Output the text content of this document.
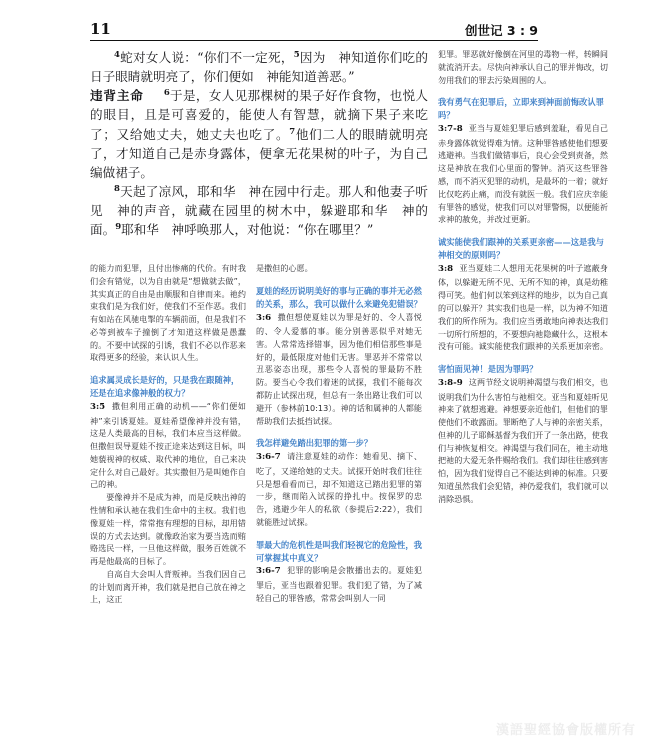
11	创世记 3 : 9

$^4$蛇对女人说：“你们不一定死，$^5$因为　神知道你们吃的日子眼睛就明亮了，你们便如　神能知道善恶。”

违背主命 $^6$于是，女人见那棵树的果子好作食物，也悦人的眼目，且是可喜爱的，能使人有智慧，就摘下果子来吃了；又给她丈夫，她丈夫也吃了。$^7$他们二人的眼睛就明亮了，才知道自己是赤身露体，便拿无花果树的叶子，为自己编做裙子。

$^8$天起了凉风，耶和华　神在园中行走。那人和他妻子听见　神的声音，就藏在园里的树木中，躲避耶和华　神的面。$^9$耶和华　神呼唤那人，对他说：“你在哪里？”

的能力而犯罪，且付出惨痛的代价。有时我们会有错觉，以为自由就是“想做就去做”，其实真正的自由是由顺服和自律而来。祂约束我们是为我们好，使我们不至作恶。我们有如站在风驰电掣的车辆前面，但是我们不必等到被车子撞倒了才知道这样做是愚蠢的。不要中试探的引诱，我们不必以作恶来取得更多的经验，来认识人生。

追求属灵成长是好的，只是我在跟随神，还是在追求像神般的权力？

3:5 撒但利用正确的动机——“你们便如神”来引诱夏娃。夏娃希望像神并没有错，这是人类最高的目标，我们本应当这样做。但撒但误导夏娃不按正途来达到这目标，叫她藐视神的权威、取代神的地位，自己来决定什么对自己最好。其实撒但乃是叫她作自己的神。

要像神并不是成为神，而是反映出神的性情和承认祂在我们生命中的主权。我们也像夏娃一样，常常抱有理想的目标，却用错误的方式去达到。就像政治家为要当选而贿赂选民一样，一旦他这样做，服务百姓就不再是他最高的目标了。

自高自大会叫人背叛神。当我们因自己的计划而离开神，我们就是把自己放在神之上，这正

是撒但的心愿。

夏娃的经历说明美好的事与正确的事并无必然的关系，那么，我可以做什么来避免犯错误？

3:6 撒但想使夏娃以为罪是好的、令人喜悦的、令人爱慕的事。能分别善恶似乎对她无害。人常常选择错事，因为他们相信那些事是好的，最低限度对他们无害。罪恶并不常常以丑恶姿态出现，那些令人喜悦的罪最防不胜防。要当心令我们着迷的试探，我们不能每次都防止试探出现，但总有一条出路让我们可以避开（参林前10:13）。神的话和属神的人都能帮助我们去抵挡试探。

我怎样避免踏出犯罪的第一步？

3:6-7 请注意夏娃的动作：她看见、摘下、吃了，又递给她的丈夫。试探开始时我们往往只是想看看而已，却不知道这已踏出犯罪的第一步，继而陷入试探的挣扎中。按保罗的忠告，逃避少年人的私欲（参提后2:22），我们就能胜过试探。

罪最大的危机性是叫我们轻视它的危险性，我可掌握其中真义？

3:6-7 犯罪的影响是会散播出去的。夏娃犯罪后，亚当也跟着犯罪。我们犯了错，为了减轻自己的罪咎感，常常会叫别人一同

犯罪。罪恶就好像倒在河里的毒物一样，转瞬间就流消开去。尽快向神承认自己的罪并悔改，切勿用我们的罪去污染周围的人。

我有勇气在犯罪后，立即来到神面前悔改认罪吗？

3:7-8 亚当与夏娃犯罪后感到羞耻，看见自己赤身露体就觉得难为情。这种罪咎感使他们想要逃避神。当我们做错事后，良心会受到责备，然这是神放在我们心里面的警钟。消灭这些罪咎感，而不消灭犯罪的动机，是最坏的一着；就好比仅吃药止痛，而没有就医一般。我们应庆幸能有罪咎的感觉，使我们可以对罪警惕，以便能祈求神的赦免，并改过更新。

诚实能使我们跟神的关系更亲密——这是我与神相交的原则吗？

3:8 亚当夏娃二人想用无花果树的叶子遮蔽身体，以躲避无所不见、无所不知的神，真是幼稚得可笑。他们何以笨到这样的地步，以为自己真的可以躲开？其实我们也是一样，以为神不知道我们的所作所为。我们应当勇敢地向神表达我们一切所行所想的，不要想向祂隐藏什么，这根本没有可能。诚实能使我们跟神的关系更加亲密。

害怕面见神！是因为罪吗？

3:8-9 这两节经文说明神渴望与我们相交，也说明我们为什么害怕与祂相交。亚当和夏娃听见神来了就想逃避。神想要亲近他们，但他们的罪使他们不敢露面。罪断绝了人与神的亲密关系，但神的儿子耶稣基督为我们开了一条出路，使我们与神恢复相交。神渴望与我们同在，祂主动地把祂的大爱无条件赐给我们。我们却往往感到害怕，因为我们觉得自己不能达到神的标准。只要知道虽然我们会犯错，神仍爱我们，我们就可以消除恐惧。

漢語聖經協會版權所有
